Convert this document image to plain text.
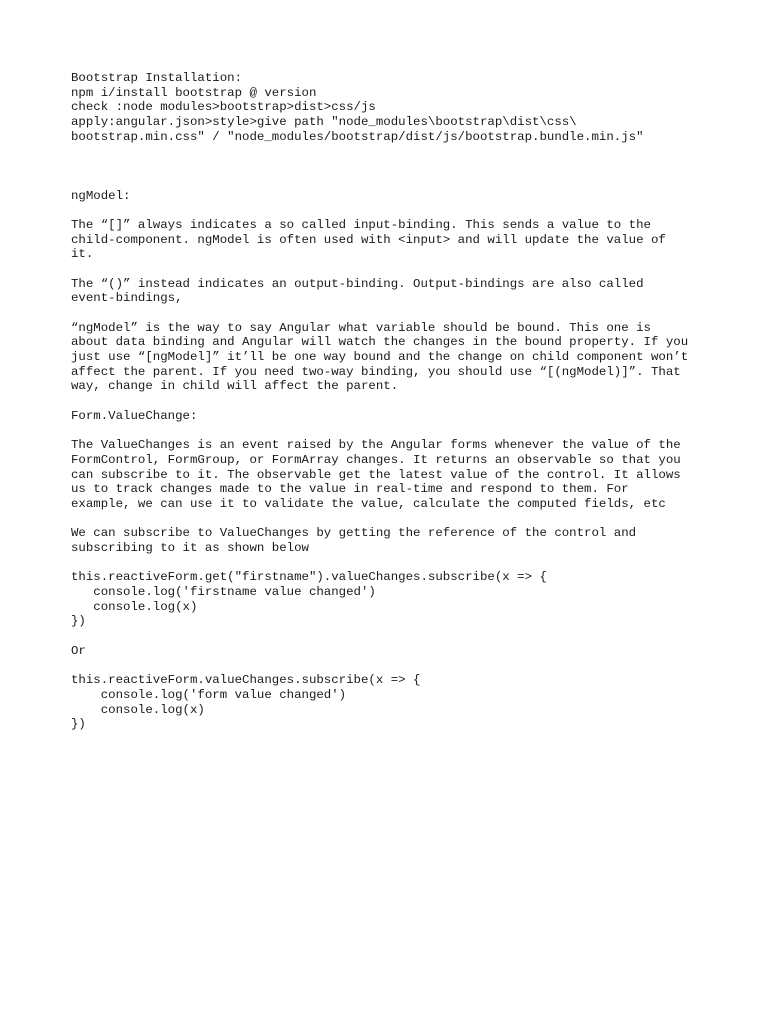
Bootstrap Installation:
npm i/install bootstrap @ version
check :node modules>bootstrap>dist>css/js
apply:angular.json>style>give path "node_modules\bootstrap\dist\css\
bootstrap.min.css" / "node_modules/bootstrap/dist/js/bootstrap.bundle.min.js"
ngModel:
The “[]” always indicates a so called input-binding. This sends a value to the
child-component. ngModel is often used with <input> and will update the value of
it.
The “()” instead indicates an output-binding. Output-bindings are also called
event-bindings,
“ngModel” is the way to say Angular what variable should be bound. This one is
about data binding and Angular will watch the changes in the bound property. If you
just use “[ngModel]” it’ll be one way bound and the change on child component won’t
affect the parent. If you need two-way binding, you should use “[(ngModel)]”. That
way, change in child will affect the parent.
Form.ValueChange:
The ValueChanges is an event raised by the Angular forms whenever the value of the
FormControl, FormGroup, or FormArray changes. It returns an observable so that you
can subscribe to it. The observable get the latest value of the control. It allows
us to track changes made to the value in real-time and respond to them. For
example, we can use it to validate the value, calculate the computed fields, etc
We can subscribe to ValueChanges by getting the reference of the control and
subscribing to it as shown below
this.reactiveForm.get("firstname").valueChanges.subscribe(x => {
console.log('firstname value changed')
console.log(x)
})
Or
this.reactiveForm.valueChanges.subscribe(x => {
console.log('form value changed')
console.log(x)
})
